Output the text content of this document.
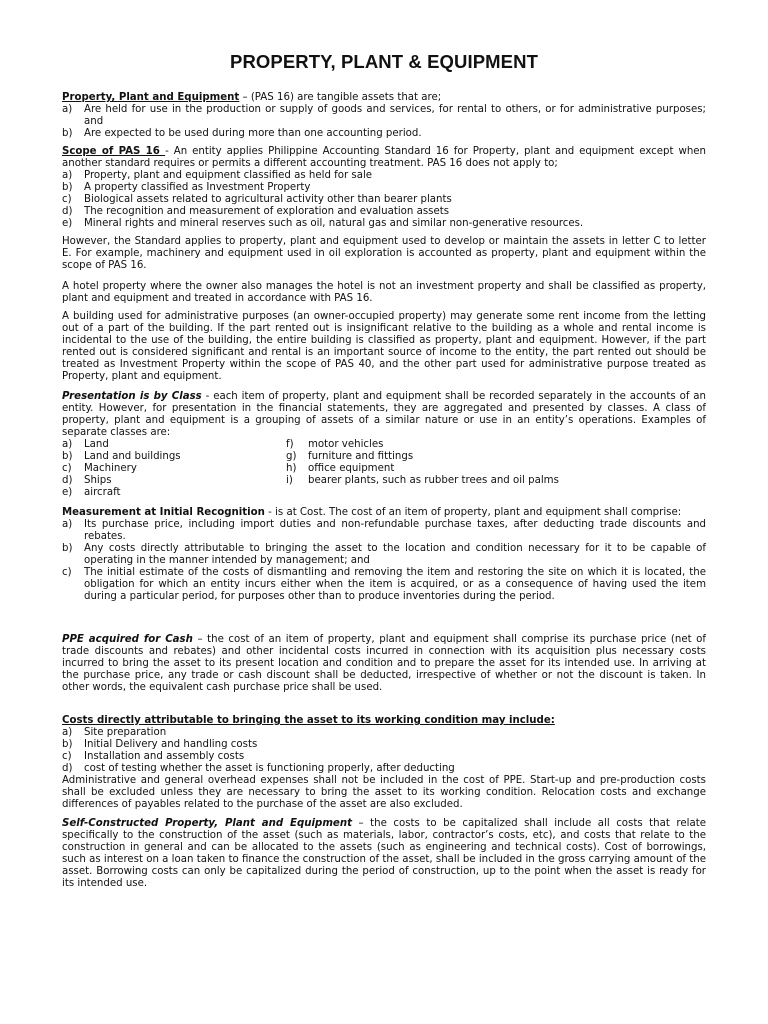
PROPERTY, PLANT & EQUIPMENT

Property, Plant and Equipment – (PAS 16) are tangible assets that are;

a)	Are held for use in the production or supply of goods and services, for rental to others, or for administrative purposes; and
b)	Are expected to be used during more than one accounting period.

Scope of PAS 16 - An entity applies Philippine Accounting Standard 16 for Property, plant and equipment except when another standard requires or permits a different accounting treatment. PAS 16 does not apply to;

a)	Property, plant and equipment classified as held for sale
b)	A property classified as Investment Property
c)	Biological assets related to agricultural activity other than bearer plants
d)	The recognition and measurement of exploration and evaluation assets
e)	Mineral rights and mineral reserves such as oil, natural gas and similar non-generative resources.

However, the Standard applies to property, plant and equipment used to develop or maintain the assets in letter C to letter E. For example, machinery and equipment used in oil exploration is accounted as property, plant and equipment within the scope of PAS 16.

A hotel property where the owner also manages the hotel is not an investment property and shall be classified as property, plant and equipment and treated in accordance with PAS 16.

A building used for administrative purposes (an owner-occupied property) may generate some rent income from the letting out of a part of the building. If the part rented out is insignificant relative to the building as a whole and rental income is incidental to the use of the building, the entire building is classified as property, plant and equipment. However, if the part rented out is considered significant and rental is an important source of income to the entity, the part rented out should be treated as Investment Property within the scope of PAS 40, and the other part used for administrative purpose treated as Property, plant and equipment.

Presentation is by Class - each item of property, plant and equipment shall be recorded separately in the accounts of an entity. However, for presentation in the financial statements, they are aggregated and presented by classes. A class of property, plant and equipment is a grouping of assets of a similar nature or use in an entity’s operations. Examples of separate classes are:

a)	Land
b)	Land and buildings
c)	Machinery
d)	Ships
e)	aircraft
f)	motor vehicles
g)	furniture and fittings
h)	office equipment
i)	bearer plants, such as rubber trees and oil palms

Measurement at Initial Recognition - is at Cost. The cost of an item of property, plant and equipment shall comprise:

a)	Its purchase price, including import duties and non-refundable purchase taxes, after deducting trade discounts and rebates.
b)	Any costs directly attributable to bringing the asset to the location and condition necessary for it to be capable of operating in the manner intended by management; and
c)	The initial estimate of the costs of dismantling and removing the item and restoring the site on which it is located, the obligation for which an entity incurs either when the item is acquired, or as a consequence of having used the item during a particular period, for purposes other than to produce inventories during the period.

PPE acquired for Cash – the cost of an item of property, plant and equipment shall comprise its purchase price (net of trade discounts and rebates) and other incidental costs incurred in connection with its acquisition plus necessary costs incurred to bring the asset to its present location and condition and to prepare the asset for its intended use. In arriving at the purchase price, any trade or cash discount shall be deducted, irrespective of whether or not the discount is taken. In other words, the equivalent cash purchase price shall be used.

Costs directly attributable to bringing the asset to its working condition may include:

a)	Site preparation
b)	Initial Delivery and handling costs
c)	Installation and assembly costs
d)	cost of testing whether the asset is functioning properly, after deducting

Administrative and general overhead expenses shall not be included in the cost of PPE. Start-up and pre-production costs shall be excluded unless they are necessary to bring the asset to its working condition. Relocation costs and exchange differences of payables related to the purchase of the asset are also excluded.

Self-Constructed Property, Plant and Equipment – the costs to be capitalized shall include all costs that relate specifically to the construction of the asset (such as materials, labor, contractor’s costs, etc), and costs that relate to the construction in general and can be allocated to the assets (such as engineering and technical costs). Cost of borrowings, such as interest on a loan taken to finance the construction of the asset, shall be included in the gross carrying amount of the asset. Borrowing costs can only be capitalized during the period of construction, up to the point when the asset is ready for its intended use.
